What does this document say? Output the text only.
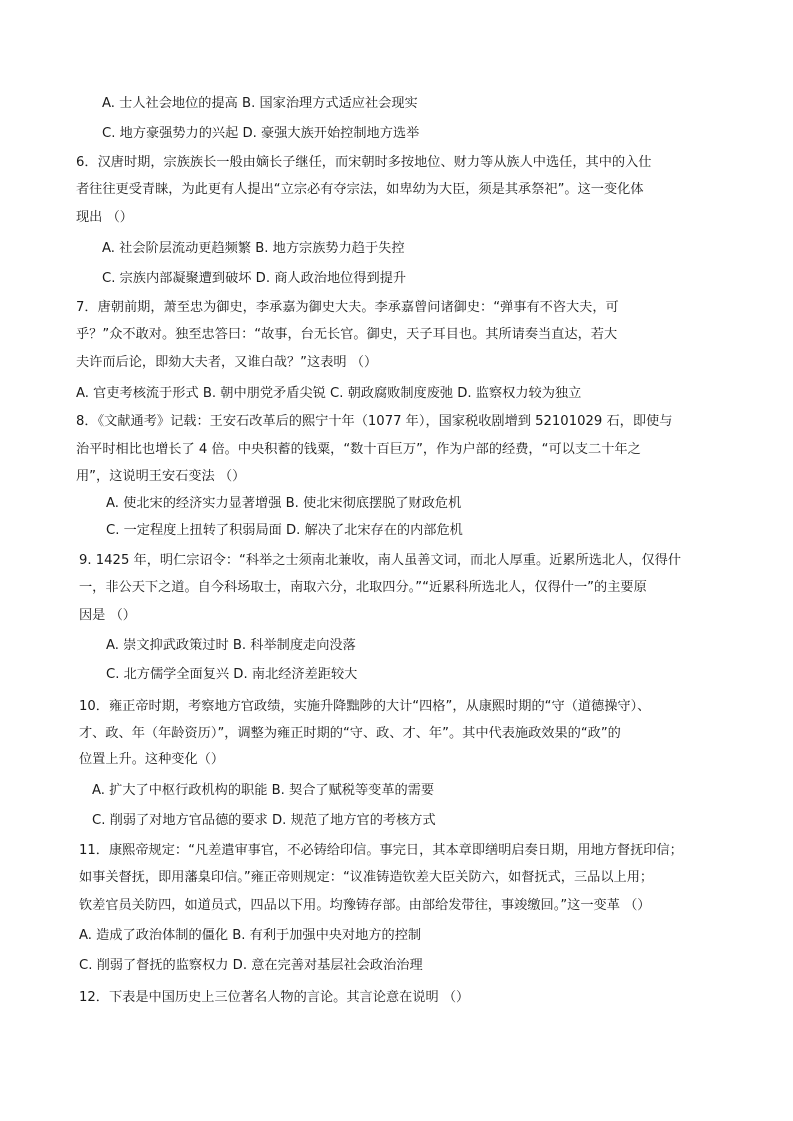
A. 士人社会地位的提高 B. 国家治理方式适应社会现实
C. 地方豪强势力的兴起 D. 豪强大族开始控制地方选举
6．汉唐时期，宗族族长一般由嫡长子继任，而宋朝时多按地位、财力等从族人中选任，其中的入仕
者往往更受青睐，为此更有人提出“立宗必有夺宗法，如卑幼为大臣，须是其承祭祀”。这一变化体
现出 （）
A. 社会阶层流动更趋频繁 B. 地方宗族势力趋于失控
C. 宗族内部凝聚遭到破坏 D. 商人政治地位得到提升
7．唐朝前期，萧至忠为御史，李承嘉为御史大夫。李承嘉曾问诸御史：“弹事有不咨大夫，可
乎？”众不敢对。独至忠答曰：“故事，台无长官。御史，天子耳目也。其所请奏当直达，若大
夫许而后论，即劾大夫者，又谁白哉？”这表明 （）
A. 官吏考核流于形式 B. 朝中朋党矛盾尖锐 C. 朝政腐败制度废弛 D. 监察权力较为独立
8．《文献通考》记载：王安石改革后的熙宁十年（1077 年），国家税收剧增到 52101029 石，即使与
治平时相比也增长了 4 倍。中央积蓄的钱粟，“数十百巨万”，作为户部的经费，“可以支二十年之
用”，这说明王安石变法 （）
A. 使北宋的经济实力显著增强 B. 使北宋彻底摆脱了财政危机
C. 一定程度上扭转了积弱局面 D. 解决了北宋存在的内部危机
9. 1425 年，明仁宗诏令：“科举之士须南北兼收，南人虽善文词，而北人厚重。近累所选北人，仅得什
一，非公天下之道。自今科场取士，南取六分，北取四分。”“近累科所选北人，仅得什一”的主要原
因是 （）
A. 崇文抑武政策过时 B. 科举制度走向没落
C. 北方儒学全面复兴 D. 南北经济差距较大
10．雍正帝时期，考察地方官政绩，实施升降黜陟的大计“四格”，从康熙时期的“守（道德操守）、
才、政、年（年龄资历）”，调整为雍正时期的“守、政、才、年”。其中代表施政效果的“政”的
位置上升。这种变化（）
A. 扩大了中枢行政机构的职能 B. 契合了赋税等变革的需要
C. 削弱了对地方官品德的要求 D. 规范了地方官的考核方式
11．康熙帝规定：“凡差遣审事官，不必铸给印信。事完日，其本章即缮明启奏日期，用地方督抚印信；
如事关督抚，即用藩臬印信。”雍正帝则规定：“议准铸造钦差大臣关防六，如督抚式，三品以上用；
钦差官员关防四，如道员式，四品以下用。均豫铸存部。由部给发带往，事竣缴回。”这一变革 （）
A. 造成了政治体制的僵化 B. 有利于加强中央对地方的控制
C. 削弱了督抚的监察权力 D. 意在完善对基层社会政治治理
12．下表是中国历史上三位著名人物的言论。其言论意在说明 （）
